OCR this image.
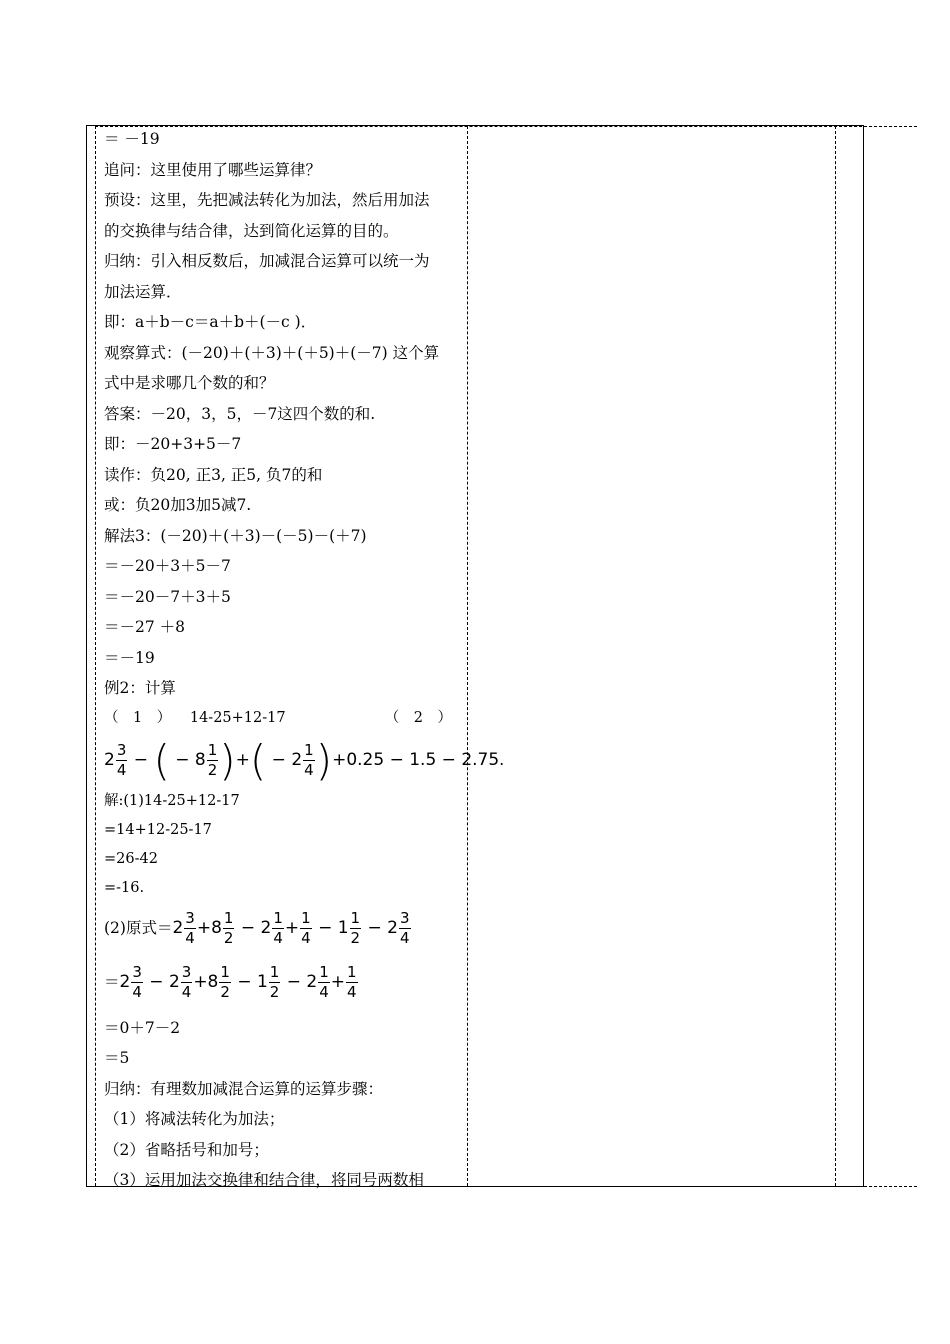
＝ －19
追问：这里使用了哪些运算律？
预设：这里，先把减法转化为加法，然后用加法
的交换律与结合律，达到简化运算的目的。
归纳：引入相反数后，加减混合运算可以统一为
加法运算．
即：a＋b－c＝a＋b＋(－c )．
观察算式：(－20)＋(＋3)＋(＋5)＋(－7) 这个算
式中是求哪几个数的和？
答案：－20，3，5，－7这四个数的和.
即：－20+3+5－7
读作：负20, 正3, 正5, 负7的和
或：负20加3加5减7.
解法3：(－20)＋(＋3)－(－5)－(＋7)
＝－20＋3＋5－7
＝－20－7＋3＋5
＝－27 ＋8
＝－19
例2：计算
（　1　） 14-25+12-17	（　2　）
$2 \frac{3}{4}$ − ( − $8 \frac{1}{2}$ )+( − $2 \frac{1}{4} )+0.25 - 1.5 - 2.75$.
解:(1)14-25+12-17
=14+12-25-17
=26-42
=-16.
(2)原式$=2 \frac{3}{4} +8 \frac{1}{2} - 2 \frac{1}{4} + \frac{1}{4} - 1 \frac{1}{2} - 2 \frac{3}{4}$
$=2 \frac{3}{4} - 2 \frac{3}{4} +8 \frac{1}{2} - 1 \frac{1}{2} - 2 \frac{1}{4} + \frac{1}{4}$
＝0＋7－2
＝5
归纳：有理数加减混合运算的运算步骤：
（1）将减法转化为加法；
（2）省略括号和加号；
（3）运用加法交换律和结合律，将同号两数相
